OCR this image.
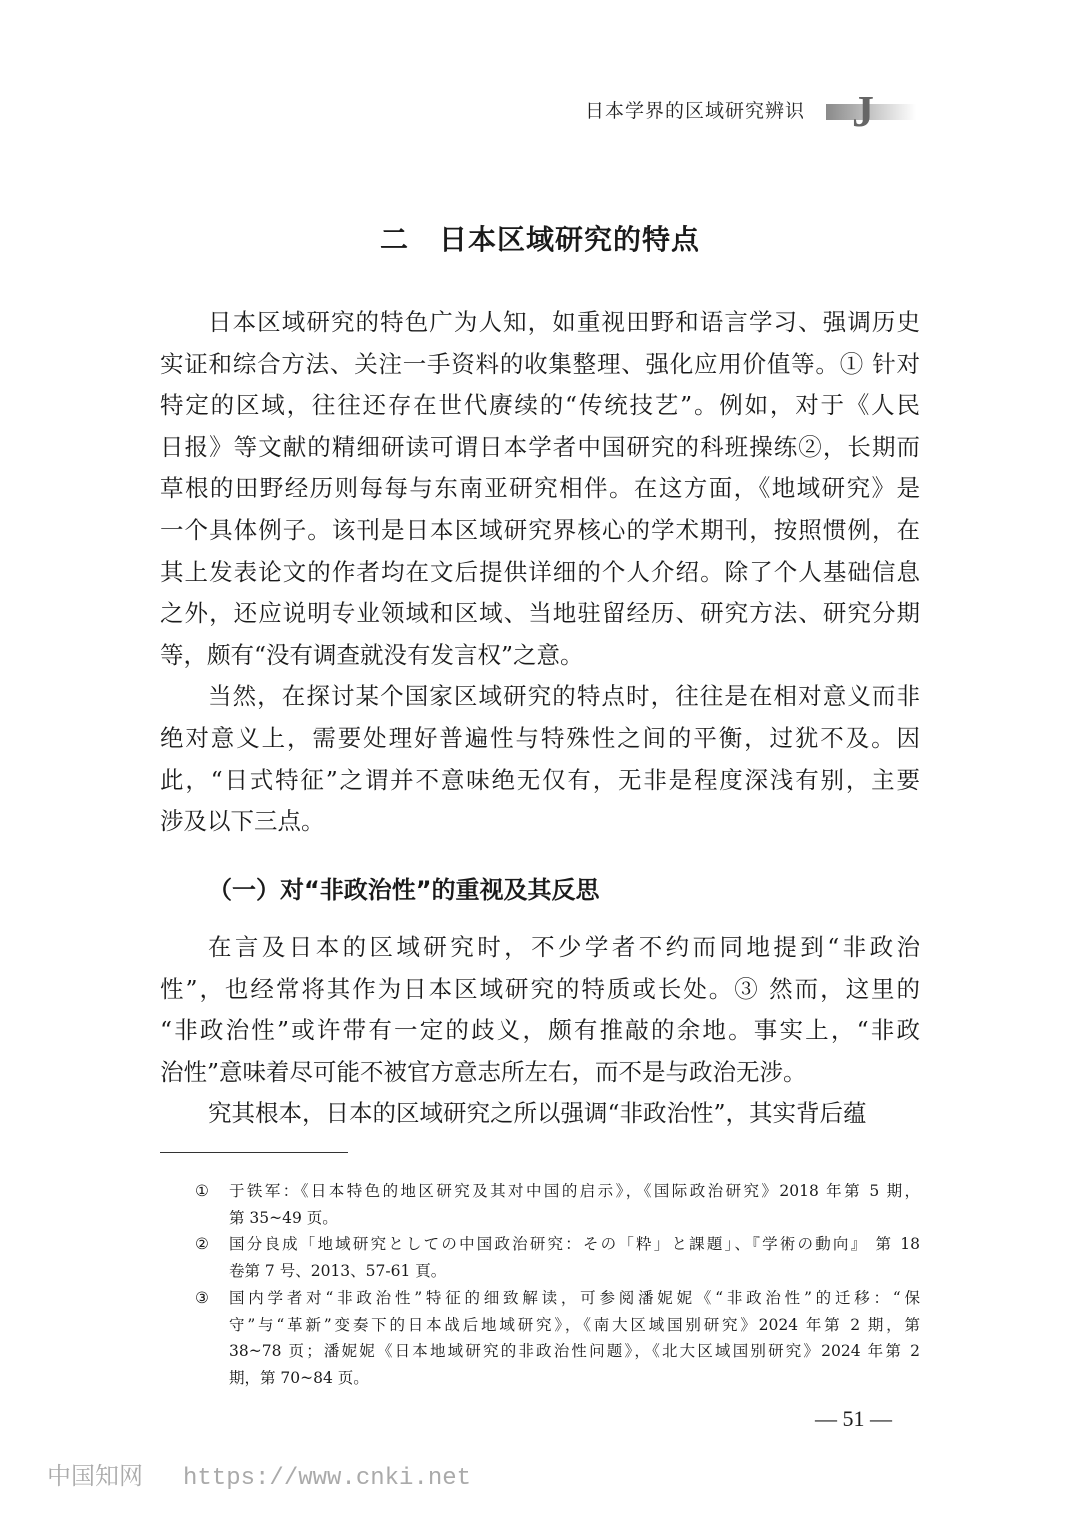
日本学界的区域研究辨识 J
二 日本区域研究的特点
日本区域研究的特色广为人知，如重视田野和语言学习、强调历史
实证和综合方法、关注一手资料的收集整理、强化应用价值等。① 针对
特定的区域，往往还存在世代赓续的“传统技艺”。例如，对于《人民
日报》等文献的精细研读可谓日本学者中国研究的科班操练②，长期而
草根的田野经历则每每与东南亚研究相伴。在这方面，《地域研究》是
一个具体例子。该刊是日本区域研究界核心的学术期刊，按照惯例，在
其上发表论文的作者均在文后提供详细的个人介绍。除了个人基础信息
之外，还应说明专业领域和区域、当地驻留经历、研究方法、研究分期
等，颇有“没有调查就没有发言权”之意。
当然，在探讨某个国家区域研究的特点时，往往是在相对意义而非
绝对意义上，需要处理好普遍性与特殊性之间的平衡，过犹不及。因
此，“日式特征”之谓并不意味绝无仅有，无非是程度深浅有别，主要
涉及以下三点。
（一）对“非政治性”的重视及其反思
在言及日本的区域研究时，不少学者不约而同地提到“非政治
性”，也经常将其作为日本区域研究的特质或长处。③ 然而，这里的
“非政治性”或许带有一定的歧义，颇有推敲的余地。事实上，“非政
治性”意味着尽可能不被官方意志所左右，而不是与政治无涉。
究其根本，日本的区域研究之所以强调“非政治性”，其实背后蕴
① 于铁军：《日本特色的地区研究及其对中国的启示》，《国际政治研究》2018 年第 5 期，
第 35~49 页。
② 国分良成「地域研究としての中国政治研究：その「粋」と課題」、『学術の動向』 第 18
卷第 7 号、2013、57-61 頁。
③ 国内学者对“非政治性”特征的细致解读，可参阅潘妮妮《“非政治性”的迁移：“保
守”与“革新”变奏下的日本战后地域研究》，《南大区域国别研究》2024 年第 2 期，第
38~78 页；潘妮妮《日本地域研究的非政治性问题》，《北大区域国别研究》2024 年第 2
期，第 70~84 页。
— 51 —
中国知网 https://www.cnki.net
